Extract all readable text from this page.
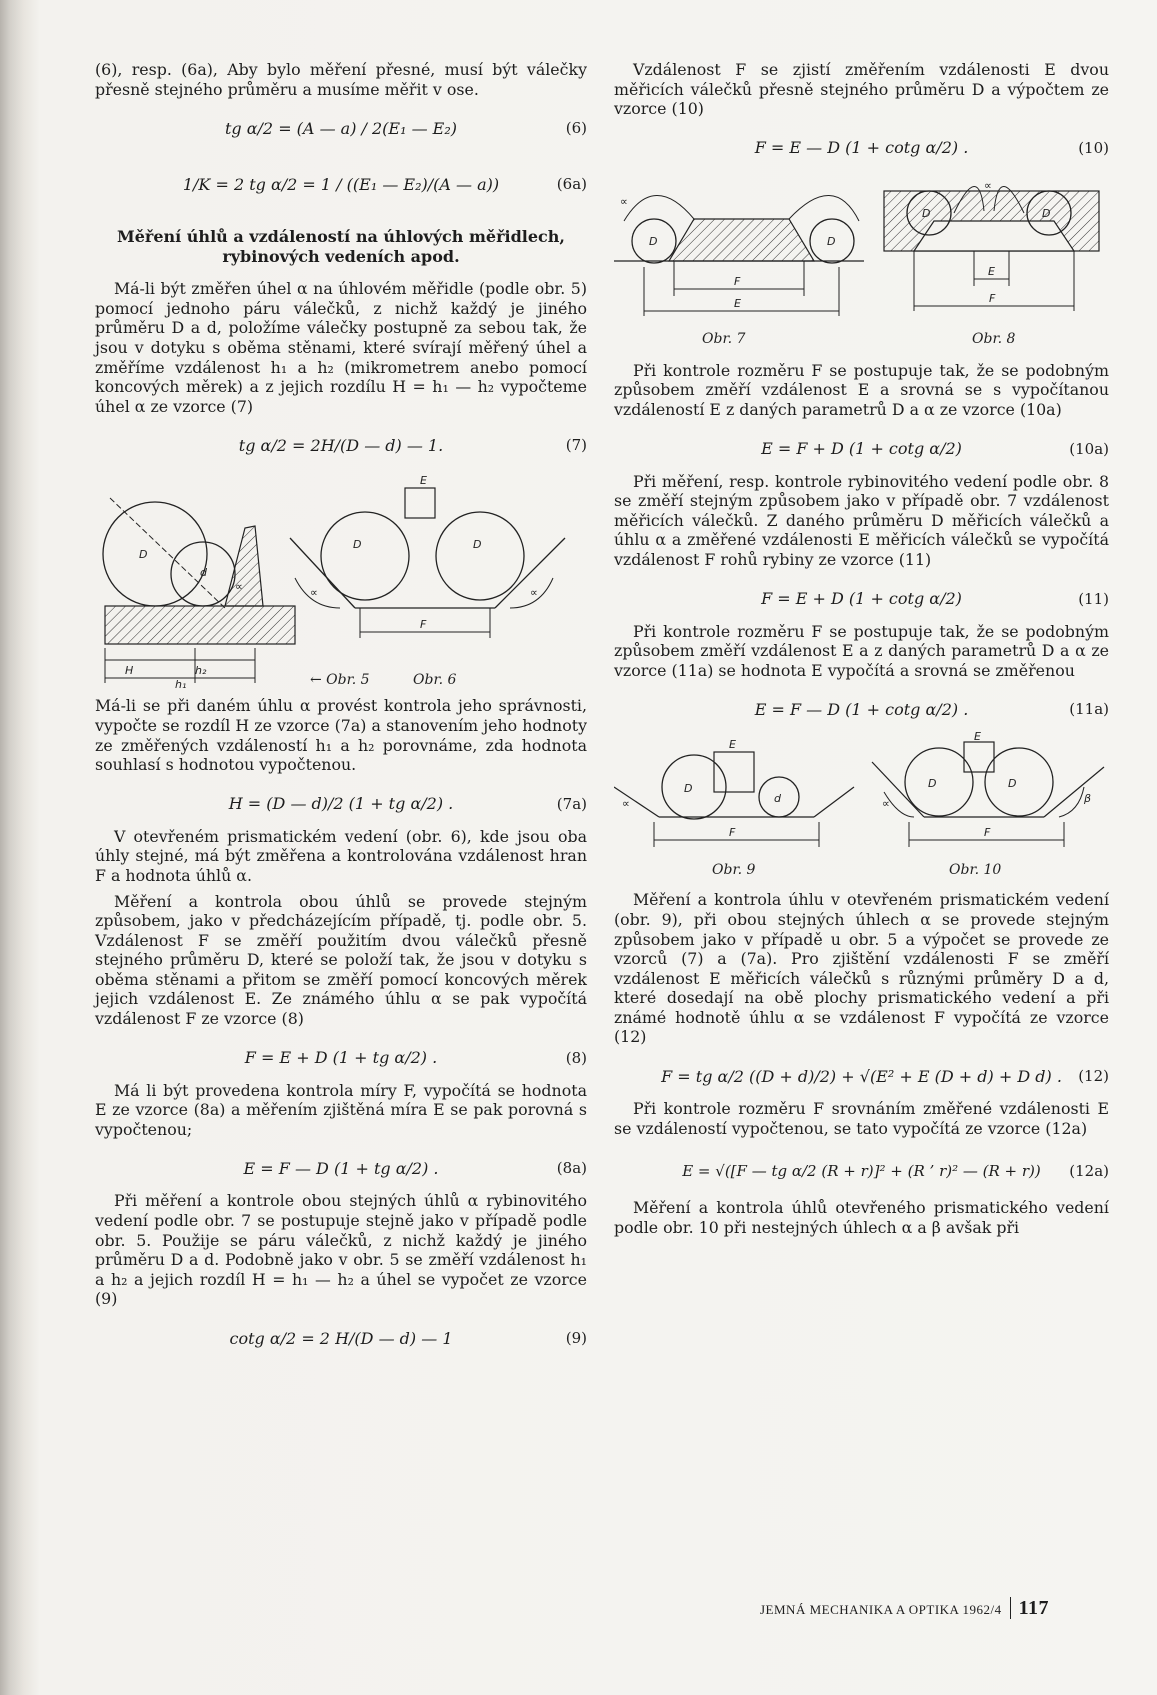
(6), resp. (6a), Aby bylo měření přesné, musí být válečky přesně stejného průměru a musíme měřit v ose.

tg α/2 = (A — a) / 2(E₁ — E₂)	(6)
1/K = 2 tg α/2 = 1 / ((E₁ — E₂)/(A — a))	(6a)
Měření úhlů a vzdáleností na úhlových měřidlech, rybinových vedeních apod.

Má-li být změřen úhel α na úhlovém měřidle (podle obr. 5) pomocí jednoho páru válečků, z nichž každý je jiného průměru D a d, položíme válečky postupně za sebou tak, že jsou v dotyku s oběma stěnami, které svírají měřený úhel a změříme vzdálenost h₁ a h₂ (mikrometrem anebo pomocí koncových měrek) a z jejich rozdílu H = h₁ — h₂ vypočteme úhel α ze vzorce (7)

tg α/2 = 2H/(D — d) — 1.	(7)
D
d
∝
H	h₂
h₁
E
D	D
F
∝	∝
← Obr. 5	Obr. 6

Má-li se při daném úhlu α provést kontrola jeho správnosti, vypočte se rozdíl H ze vzorce (7a) a stanovením jeho hodnoty ze změřených vzdáleností h₁ a h₂ porovnáme, zda hodnota souhlasí s hodnotou vypočtenou.

H = (D — d)/2 (1 + tg α/2) .	(7a)

V otevřeném prismatickém vedení (obr. 6), kde jsou oba úhly stejné, má být změřena a kontrolována vzdálenost hran F a hodnota úhlů α.

Měření a kontrola obou úhlů se provede stejným způsobem, jako v předcházejícím případě, tj. podle obr. 5. Vzdálenost F se změří použitím dvou válečků přesně stejného průměru D, které se položí tak, že jsou v dotyku s oběma stěnami a přitom se změří pomocí koncových měrek jejich vzdálenost E. Ze známého úhlu α se pak vypočítá vzdálenost F ze vzorce (8)

F = E + D (1 + tg α/2) .	(8)

Má li být provedena kontrola míry F, vypočítá se hodnota E ze vzorce (8a) a měřením zjištěná míra E se pak porovná s vypočtenou;

E = F — D (1 + tg α/2) .	(8a)

Při měření a kontrole obou stejných úhlů α rybinovitého vedení podle obr. 7 se postupuje stejně jako v případě podle obr. 5. Použije se páru válečků, z nichž každý je jiného průměru D a d. Podobně jako v obr. 5 se změří vzdálenost h₁ a h₂ a jejich rozdíl H = h₁ — h₂ a úhel se vypočet ze vzorce (9)

cotg α/2 = 2 H/(D — d) — 1	(9)

Vzdálenost F se zjistí změřením vzdálenosti E dvou měřicích válečků přesně stejného průměru D a výpočtem ze vzorce (10)

F = E — D (1 + cotg α/2) .	(10)
D	D
F
E
∝
Obr. 7
D	D
E
F
∝
Obr. 8

Při kontrole rozměru F se postupuje tak, že se podobným způsobem změří vzdálenost E a srovná se s vypočítanou vzdáleností E z daných parametrů D a α ze vzorce (10a)

E = F + D (1 + cotg α/2)	(10a)

Při měření, resp. kontrole rybinovitého vedení podle obr. 8 se změří stejným způsobem jako v případě obr. 7 vzdálenost měřicích válečků. Z daného průměru D měřicích válečků a úhlu α a změřené vzdálenosti E měřicích válečků se vypočítá vzdálenost F rohů rybiny ze vzorce (11)

F = E + D (1 + cotg α/2)	(11)

Při kontrole rozměru F se postupuje tak, že se podobným způsobem změří vzdálenost E a z daných parametrů D a α ze vzorce (11a) se hodnota E vypočítá a srovná se změřenou

E = F — D (1 + cotg α/2) .	(11a)
D
d
E
F
∝
Obr. 9
D	D
E
F
∝	β
Obr. 10

Měření a kontrola úhlu v otevřeném prismatickém vedení (obr. 9), při obou stejných úhlech α se provede stejným způsobem jako v případě u obr. 5 a výpočet se provede ze vzorců (7) a (7a). Pro zjištění vzdálenosti F se změří vzdálenost E měřicích válečků s různými průměry D a d, které dosedají na obě plochy prismatického vedení a při známé hodnotě úhlu α se vzdálenost F vypočítá ze vzorce (12)

F = tg α/2 ((D + d)/2) + √(E² + E (D + d) + D d) . (12)

Při kontrole rozměru F srovnáním změřené vzdálenosti E se vzdáleností vypočtenou, se tato vypočítá ze vzorce (12a)

E = √([F — tg α/2 (R + r)]² + (R ’ r)² — (R + r)) (12a)

Měření a kontrola úhlů otevřeného prismatického vedení podle obr. 10 při nestejných úhlech α a β avšak při

JEMNÁ MECHANIKA A OPTIKA 1962/4 117
